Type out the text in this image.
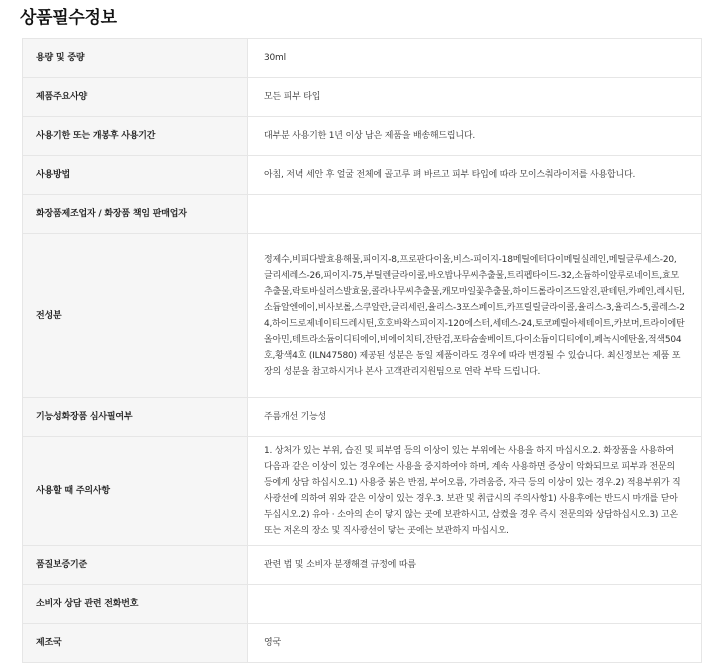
상품필수정보
용량 및 중량	30ml
제품주요사양	모든 피부 타입
사용기한 또는 개봉후 사용기간	대부분 사용기한 1년 이상 남은 제품을 배송해드립니다.
사용방법	아침, 저녁 세안 후 얼굴 전체에 골고루 펴 바르고 피부 타입에 따라 모이스춰라이저를 사용합니다.
화장품제조업자 / 화장품 책임 판매업자	
전성분	정제수,비피다발효용해물,피이지-8,프로판다이올,비스-피이지-18메틸에터다이메틸실레인,메틸글루세스-20,글리세레스-26,피이지-75,부틸렌글라이콜,바오밥나무씨추출물,트리펩타이드-32,소듐하이알루로네이트,효모추출물,락토바실러스발효물,콜라나무씨추출물,캐모마일꽃추출물,하이드롤라이즈드알진,판테틴,카페인,레시틴,소듐알엔에이,비사보롤,스쿠알란,글리세린,율리스-3포스페이트,카프릴릴글라이콜,율리스-3,율리스-5,콜레스-24,하이드로제네이티드레시틴,호호바왁스피이지-120에스터,세테스-24,토코페릴아세테이트,카보머,트라이에탄올아민,테트라소듐이디티에이,비에이치티,잔탄검,포타슘솔베이트,다이소듐이디티에이,페녹시에탄올,적색504호,황색4호 (ILN47580) 제공된 성분은 동일 제품이라도 경우에 따라 변경될 수 있습니다. 최신정보는 제품 포장의 성분을 참고하시거나 본사 고객관리지원팀으로 연락 부탁 드립니다.
기능성화장품 심사필여부	주름개선 기능성
사용할 때 주의사항	1. 상처가 있는 부위, 습진 및 피부염 등의 이상이 있는 부위에는 사용을 하지 마십시오.2. 화장품을 사용하여 다음과 같은 이상이 있는 경우에는 사용을 중지하여야 하며, 계속 사용하면 증상이 악화되므로 피부과 전문의 등에게 상담 하십시오.1) 사용중 붉은 반점, 부어오름, 가려움증, 자극 등의 이상이 있는 경우.2) 적용부위가 직사광선에 의하여 위와 같은 이상이 있는 경우.3. 보관 및 취급시의 주의사항1) 사용후에는 반드시 마개를 닫아두십시오.2) 유아 · 소아의 손이 닿지 않는 곳에 보관하시고, 삼켰을 경우 즉시 전문의와 상담하십시오.3) 고온 또는 저온의 장소 및 직사광선이 닿는 곳에는 보관하지 마십시오.
품질보증기준	관련 법 및 소비자 분쟁해결 규정에 따름
소비자 상담 관련 전화번호	
제조국	영국
